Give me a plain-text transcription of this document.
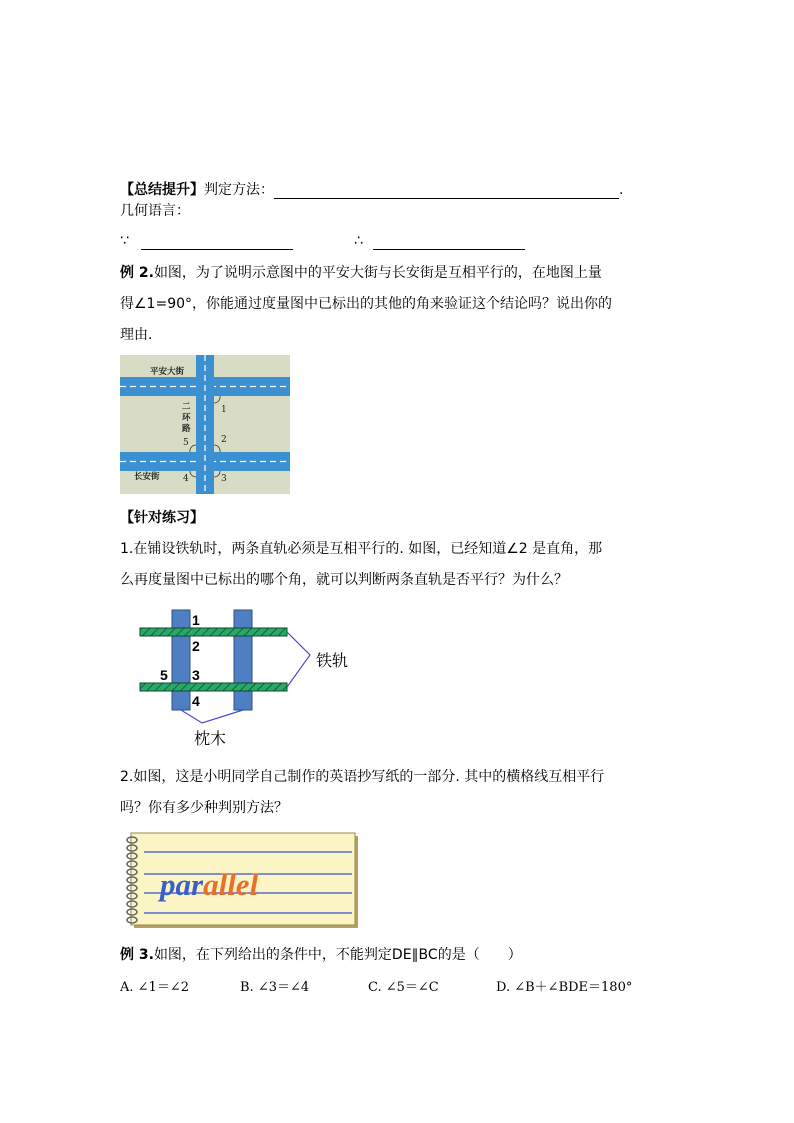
【总结提升】判定方法：	.
几何语言：
∵	∴
例 2.如图，为了说明示意图中的平安大街与长安街是互相平行的，在地图上量
得∠1=90°，你能通过度量图中已标出的其他的角来验证这个结论吗？说出你的
理由.
平安大街
长安街
二
环
路
1
2
3
4
5
【针对练习】
1.在铺设铁轨时，两条直轨必须是互相平行的. 如图，已经知道∠2 是直角，那
么再度量图中已标出的哪个角，就可以判断两条直轨是否平行？为什么？
1
2
3
4
5
铁轨
枕木
2.如图，这是小明同学自己制作的英语抄写纸的一部分. 其中的横格线互相平行
吗？你有多少种判别方法？
parallel
例 3.如图，在下列给出的条件中，不能判定DE∥BC的是（　　）
A. ∠1＝∠2	B. ∠3＝∠4	C. ∠5＝∠C	D. ∠B＋∠BDE＝180°
